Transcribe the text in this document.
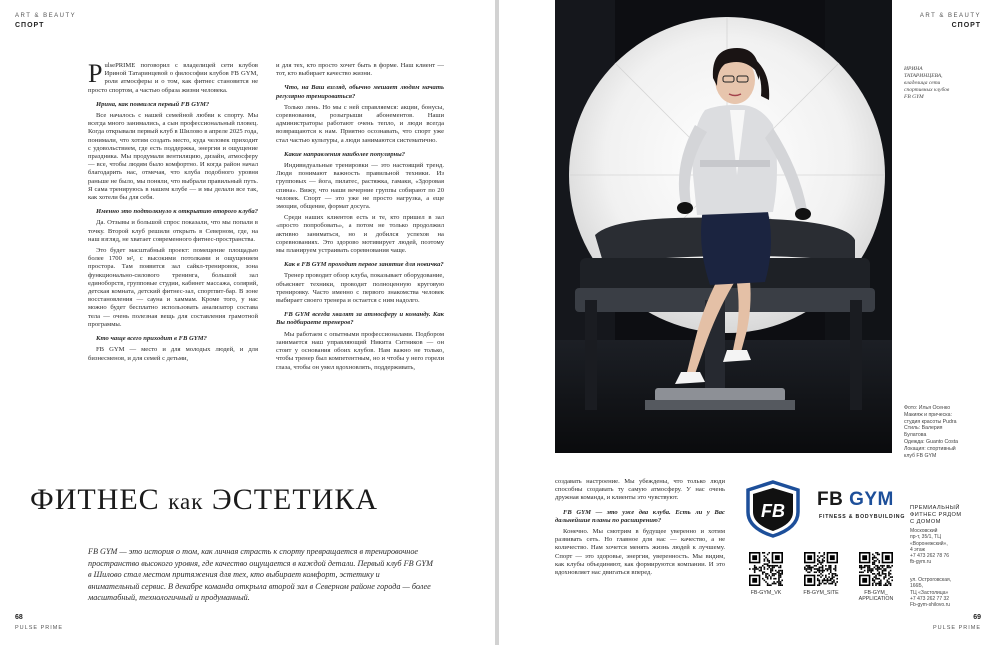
ART & BEAUTY
СПОРТ

PulsePRIME поговорил с владелицей сети клубов Ириной Татаринцевой о философии клубов FB GYM, роли атмосферы и о том, как фитнес становится не просто спортом, а частью образа жизни человека.

Ирина, как появился первый FB GYM?

Все началось с нашей семейной любви к спорту. Мы всегда много занимались, а сын профессиональный пловец. Когда открывали первый клуб в Шилово в апреле 2025 года, понимали, что хотим создать место, куда человек приходит с удовольствием, где есть поддержка, энергия и ощущение праздника. Мы продумали вентиляцию, дизайн, атмосферу — все, чтобы людям было комфортно. И когда район начал благодарить нас, отмечая, что клуба подобного уровня раньше не было, мы поняли, что выбрали правильный путь. Я сама тренируюсь в нашем клубе — и мы делали все так, как хотели бы для себя.

Именно это подтолкнуло к открытию второго клуба?

Да. Отзывы и большой спрос показали, что мы попали в точку. Второй клуб решили открыть в Северном, где, на наш взгляд, не хватает современного фитнес-пространства.

Это будет масштабный проект: помещение площадью более 1700 м², с высокими потолками и ощущением простора. Там появится зал сайкл-тренировок, зона функционально-силового тренинга, большой зал единоборств, групповые студии, кабинет массажа, солярий, детская комната, детский фитнес-зал, спортпит-бар. В зоне восстановления — сауна и хаммам. Кроме того, у нас можно будет бесплатно использовать анализатор состава тела — очень полезная вещь для составления грамотной программы.

Кто чаще всего приходит в FB GYM?

FB GYM — место и для молодых людей, и для бизнесменов, и для семей с детьми,

и для тех, кто просто хочет быть в форме. Наш клиент — тот, кто выбирает качество жизни.

Что, на Ваш взгляд, обычно мешает людям начать регулярно тренироваться?

Только лень. Но мы с ней справляемся: акции, бонусы, соревнования, розыгрыши абонементов. Наши администраторы работают очень тепло, и люди всегда возвращаются к нам. Приятно осознавать, что спорт уже стал частью культуры, а люди занимаются систематично.

Какие направления наиболее популярны?

Индивидуальные тренировки — это настоящий тренд. Люди понимают важность правильной техники. Из групповых — йога, пилатес, растяжка, гамаки, «Здоровая спина». Вижу, что наши вечерние группы собирают по 20 человек. Спорт — это уже не просто нагрузка, а еще эмоции, общение, формат досуга.

Среди наших клиентов есть и те, кто пришел в зал «просто попробовать», а потом не только продолжил активно заниматься, но и добился успехов на соревнованиях. Это здорово мотивирует людей, поэтому мы планируем устраивать соревнования чаще.

Как в FB GYM проходит первое занятие для новичка?

Тренер проводит обзор клуба, показывает оборудование, объясняет техники, проводит полноценную круговую тренировку. Часто именно с первого знакомства человек выбирает своего тренера и остается с ним надолго.

FB GYM всегда хвалят за атмосферу и команду. Как Вы подбираете тренеров?

Мы работаем с опытными профессионалами. Подбором занимается наш управляющий Никита Ситников — он стоит у основания обоих клубов. Нам важно не только, чтобы тренер был компетентным, но и чтобы у него горели глаза, чтобы он умел вдохновлять, поддерживать,

ФИТНЕС как ЭСТЕТИКА
FB GYM — это история о том, как личная страсть к спорту превращается в тренировочное пространство высокого уровня, где качество ощущается в каждой детали. Первый клуб FB GYM в Шилово стал местом притяжения для тех, кто выбирает комфорт, эстетику и внимательный сервис. В декабре команда открыла второй зал в Северном районе города — более масштабный, технологичный и продуманный.
68
PULSE PRIME
ART & BEAUTY
СПОРТ
ИРИНА
ТАТАРИНЦЕВА,
владелица сети
спортивных клубов
FB GYM
Фото: Илья Осенко
Макияж и прическа:
студия красоты Pudra
Стиль: Валерия
Булатова
Одежда: Guanto Costa
Локация: спортивный
клуб FB GYM

создавать настроение. Мы убеждены, что только люди способны создавать ту самую атмосферу. У нас очень дружная команда, и клиенты это чувствуют.

FB GYM — это уже два клуба. Есть ли у Вас дальнейшие планы по расширению?

Конечно. Мы смотрим в будущее уверенно и хотим развивать сеть. Но главное для нас — качество, а не количество. Нам хочется менять жизнь людей к лучшему. Спорт — это здоровье, энергия, уверенность. Мы видим, как клубы объединяют, как формируются компании. И это вдохновляет нас двигаться вперед.

FB
FB GYM
FITNESS & BODYBUILDING
FB-GYM_VK	FB-GYM_SITE	FB-GYM_ APPLICATION
ПРЕМИАЛЬНЫЙ
ФИТНЕС РЯДОМ
С ДОМОМ
Московский
пр-т, 35/1, ТЦ
«Воронежский»,
4 этаж
+7 473 262 78 76
fb-gym.ru
ул. Остроговская,
166Б,
ТЦ «Застолица»
+7 473 262 77 32
Fb-gym-shilovo.ru
69
PULSE PRIME
